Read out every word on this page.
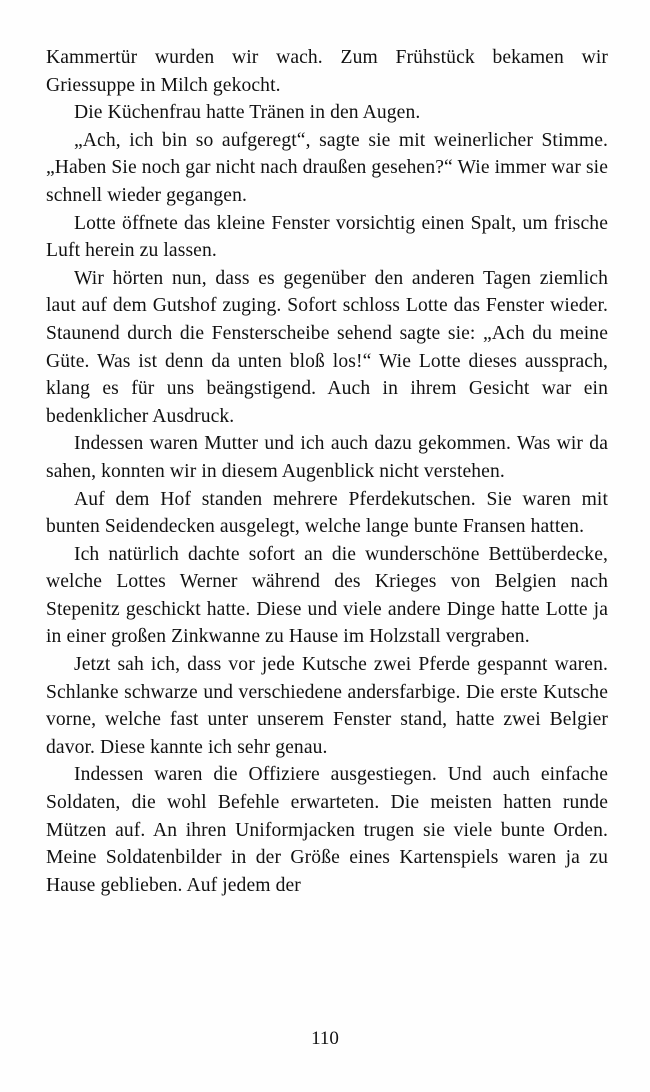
Kammertür wurden wir wach. Zum Frühstück bekamen wir Griessuppe in Milch gekocht.

Die Küchenfrau hatte Tränen in den Augen.

„Ach, ich bin so aufgeregt“, sagte sie mit weinerlicher Stimme. „Haben Sie noch gar nicht nach draußen gesehen?“ Wie immer war sie schnell wieder gegangen.

Lotte öffnete das kleine Fenster vorsichtig einen Spalt, um frische Luft herein zu lassen.

Wir hörten nun, dass es gegenüber den anderen Tagen ziemlich laut auf dem Gutshof zuging. Sofort schloss Lotte das Fenster wieder. Staunend durch die Fensterscheibe sehend sagte sie: „Ach du meine Güte. Was ist denn da unten bloß los!“ Wie Lotte dieses aussprach, klang es für uns beängstigend. Auch in ihrem Gesicht war ein bedenklicher Ausdruck.

Indessen waren Mutter und ich auch dazu gekommen. Was wir da sahen, konnten wir in diesem Augenblick nicht verstehen.

Auf dem Hof standen mehrere Pferdekutschen. Sie waren mit bunten Seidendecken ausgelegt, welche lange bunte Fransen hatten.

Ich natürlich dachte sofort an die wunderschöne Bettüberdecke, welche Lottes Werner während des Krieges von Belgien nach Stepenitz geschickt hatte. Diese und viele andere Dinge hatte Lotte ja in einer großen Zinkwanne zu Hause im Holzstall vergraben.

Jetzt sah ich, dass vor jede Kutsche zwei Pferde gespannt waren. Schlanke schwarze und verschiedene andersfarbige. Die erste Kutsche vorne, welche fast unter unserem Fenster stand, hatte zwei Belgier davor. Diese kannte ich sehr genau.

Indessen waren die Offiziere ausgestiegen. Und auch einfache Soldaten, die wohl Befehle erwarteten. Die meisten hatten runde Mützen auf. An ihren Uniformjacken trugen sie viele bunte Orden. Meine Soldatenbilder in der Größe eines Kartenspiels waren ja zu Hause geblieben. Auf jedem der

110
